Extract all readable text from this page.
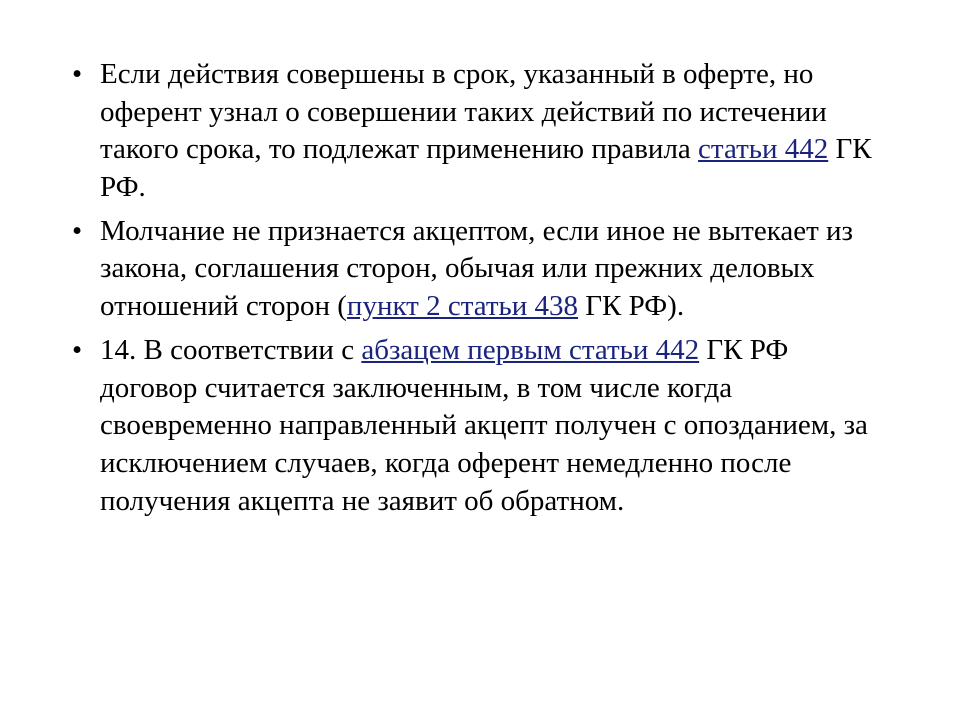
• Если действия совершены в срок, указанный в оферте, но оферент узнал о совершении таких действий по истечении такого срока, то подлежат применению правила статьи 442 ГК РФ.
• Молчание не признается акцептом, если иное не вытекает из закона, соглашения сторон, обычая или прежних деловых отношений сторон (пункт 2 статьи 438 ГК РФ).
• 14. В соответствии с абзацем первым статьи 442 ГК РФ договор считается заключенным, в том числе когда своевременно направленный акцепт получен с опозданием, за исключением случаев, когда оферент немедленно после получения акцепта не заявит об обратном.
